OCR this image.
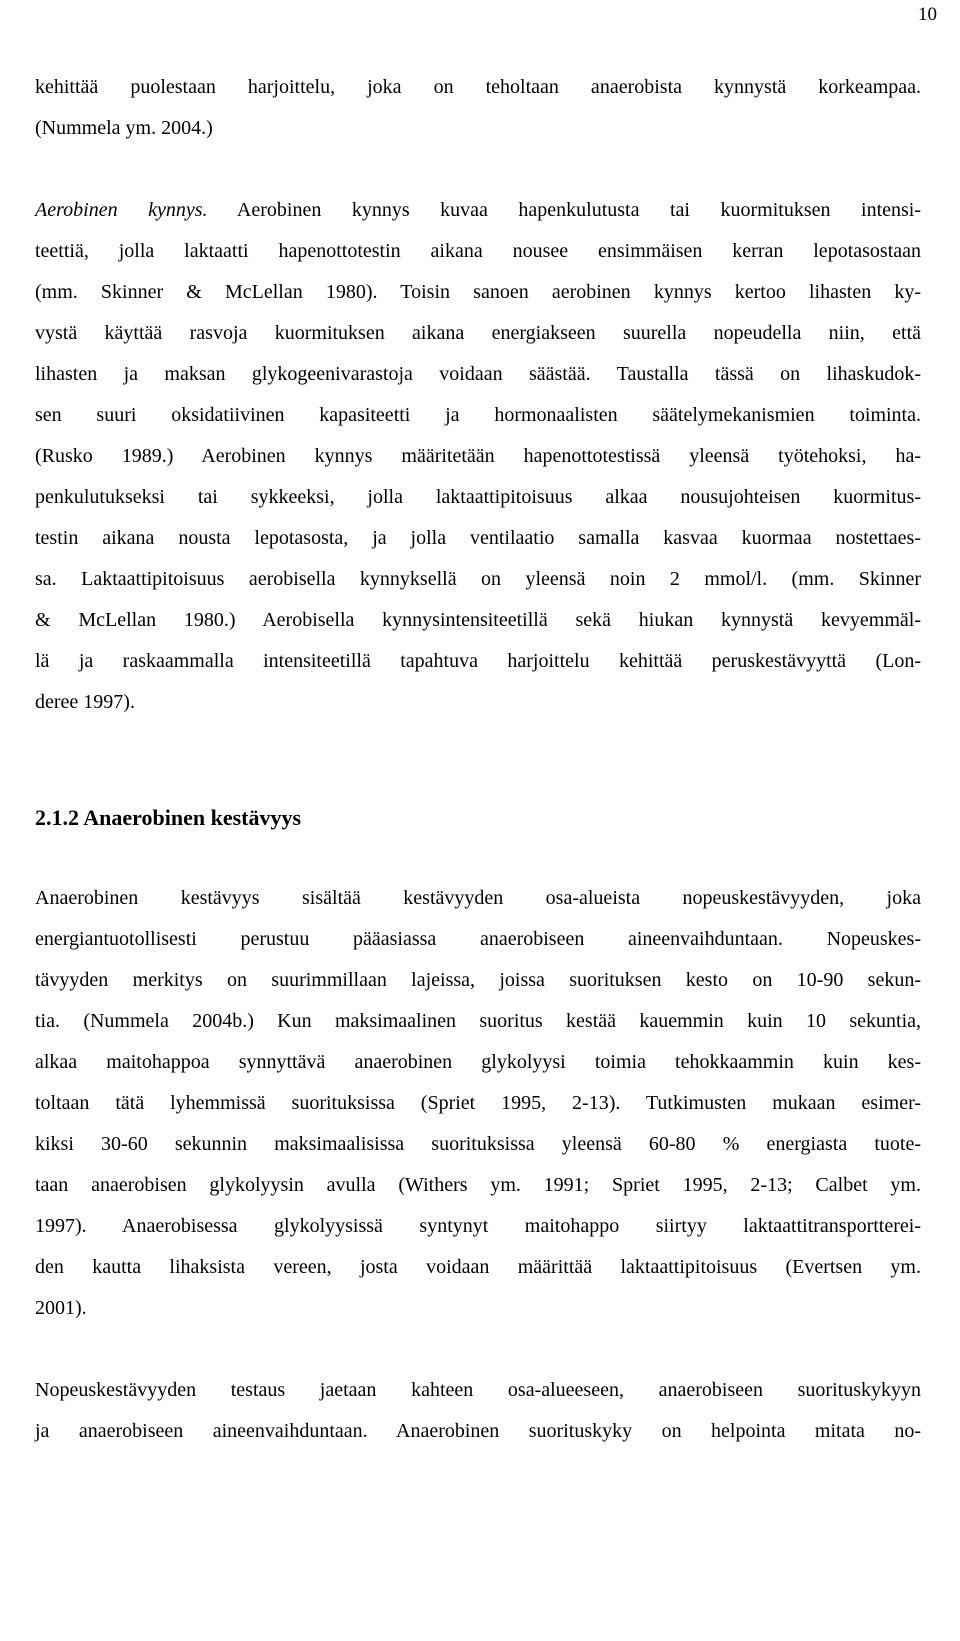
10
kehittää puolestaan harjoittelu, joka on teholtaan anaerobista kynnystä korkeampaa.
(Nummela ym. 2004.)
Aerobinen kynnys. Aerobinen kynnys kuvaa hapenkulutusta tai kuormituksen intensi-
teettiä, jolla laktaatti hapenottotestin aikana nousee ensimmäisen kerran lepotasostaan
(mm. Skinner & McLellan 1980). Toisin sanoen aerobinen kynnys kertoo lihasten ky-
vystä käyttää rasvoja kuormituksen aikana energiakseen suurella nopeudella niin, että
lihasten ja maksan glykogeenivarastoja voidaan säästää. Taustalla tässä on lihaskudok-
sen suuri oksidatiivinen kapasiteetti ja hormonaalisten säätelymekanismien toiminta.
(Rusko 1989.) Aerobinen kynnys määritetään hapenottotestissä yleensä työtehoksi, ha-
penkulutukseksi tai sykkeeksi, jolla laktaattipitoisuus alkaa nousujohteisen kuormitus-
testin aikana nousta lepotasosta, ja jolla ventilaatio samalla kasvaa kuormaa nostettaes-
sa. Laktaattipitoisuus aerobisella kynnyksellä on yleensä noin 2 mmol/l. (mm. Skinner
& McLellan 1980.) Aerobisella kynnysintensiteetillä sekä hiukan kynnystä kevyemmäl-
lä ja raskaammalla intensiteetillä tapahtuva harjoittelu kehittää peruskestävyyttä (Lon-
deree 1997).
2.1.2 Anaerobinen kestävyys
Anaerobinen kestävyys sisältää kestävyyden osa-alueista nopeuskestävyyden, joka
energiantuotollisesti perustuu pääasiassa anaerobiseen aineenvaihduntaan. Nopeuskes-
tävyyden merkitys on suurimmillaan lajeissa, joissa suorituksen kesto on 10-90 sekun-
tia. (Nummela 2004b.) Kun maksimaalinen suoritus kestää kauemmin kuin 10 sekuntia,
alkaa maitohappoa synnyttävä anaerobinen glykolyysi toimia tehokkaammin kuin kes-
toltaan tätä lyhemmissä suorituksissa (Spriet 1995, 2-13). Tutkimusten mukaan esimer-
kiksi 30-60 sekunnin maksimaalisissa suorituksissa yleensä 60-80 % energiasta tuote-
taan anaerobisen glykolyysin avulla (Withers ym. 1991; Spriet 1995, 2-13; Calbet ym.
1997). Anaerobisessa glykolyysissä syntynyt maitohappo siirtyy laktaattitransportterei-
den kautta lihaksista vereen, josta voidaan määrittää laktaattipitoisuus (Evertsen ym.
2001).
Nopeuskestävyyden testaus jaetaan kahteen osa-alueeseen, anaerobiseen suorituskykyyn
ja anaerobiseen aineenvaihduntaan. Anaerobinen suorituskyky on helpointa mitata no-
